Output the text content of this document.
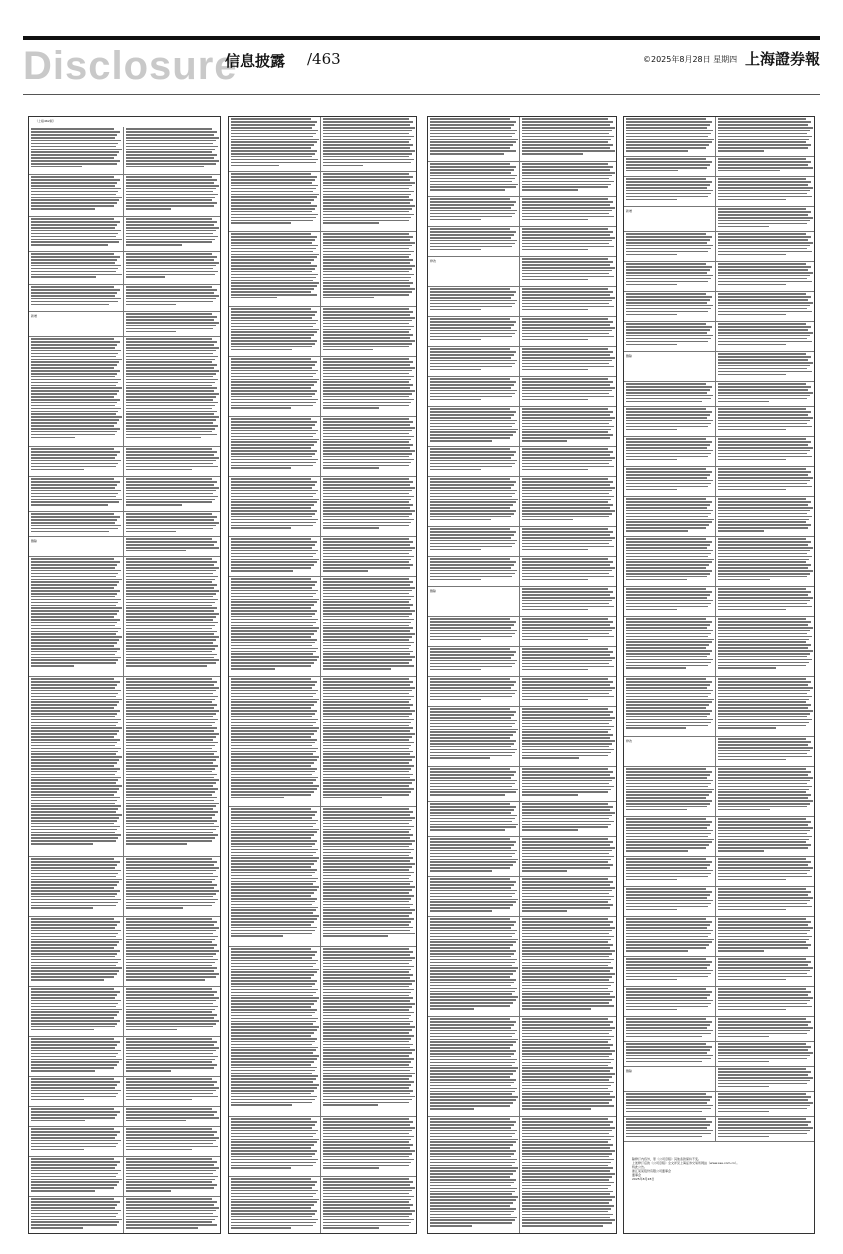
Disclosure
信息披露 /463	©2025年8月28日 星期四 上海證券報
（上接462版）
新增
删除
修改
删除
除修订内容外，原《公司章程》其他条款保持不变。
上述修订后的《公司章程》全文详见上海证券交易所网站（www.sse.com.cn）。
特此公告。
浙江某某股份有限公司董事会
董事会
2025年8月28日
新增
删除
修改
删除
